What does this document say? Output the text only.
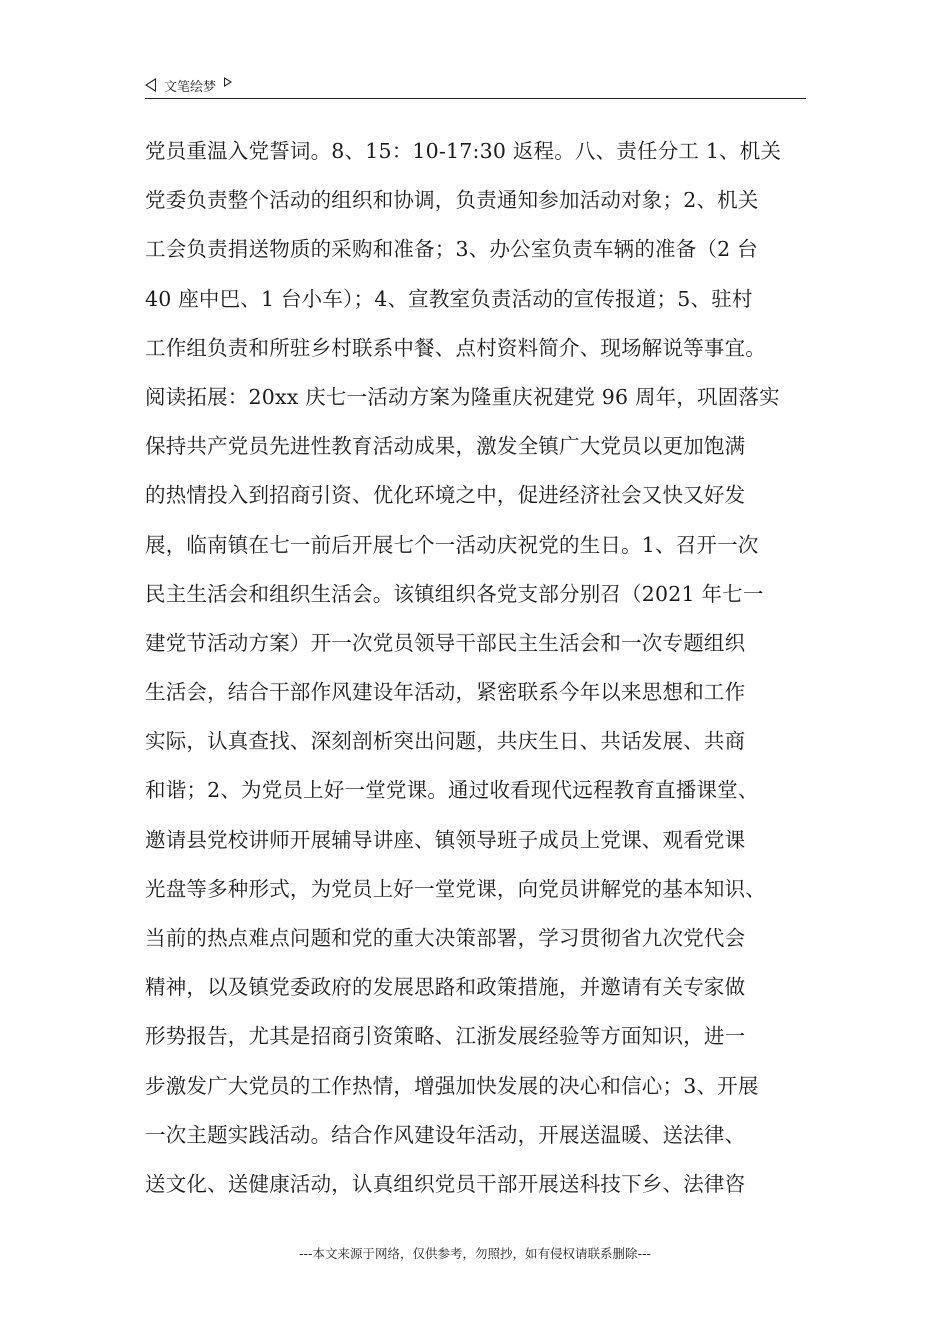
文笔绘梦
党员重温入党誓词。8、15：10-17:30 返程。八、责任分工 1、机关
党委负责整个活动的组织和协调，负责通知参加活动对象；2、机关
工会负责捐送物质的采购和准备；3、办公室负责车辆的准备（2 台
40 座中巴、1 台小车）；4、宣教室负责活动的宣传报道；5、驻村
工作组负责和所驻乡村联系中餐、点村资料简介、现场解说等事宜。
阅读拓展：20xx 庆七一活动方案为隆重庆祝建党 96 周年，巩固落实
保持共产党员先进性教育活动成果，激发全镇广大党员以更加饱满
的热情投入到招商引资、优化环境之中，促进经济社会又快又好发
展，临南镇在七一前后开展七个一活动庆祝党的生日。1、召开一次
民主生活会和组织生活会。该镇组织各党支部分别召（2021 年七一
建党节活动方案）开一次党员领导干部民主生活会和一次专题组织
生活会，结合干部作风建设年活动，紧密联系今年以来思想和工作
实际，认真查找、深刻剖析突出问题，共庆生日、共话发展、共商
和谐；2、为党员上好一堂党课。通过收看现代远程教育直播课堂、
邀请县党校讲师开展辅导讲座、镇领导班子成员上党课、观看党课
光盘等多种形式，为党员上好一堂党课，向党员讲解党的基本知识、
当前的热点难点问题和党的重大决策部署，学习贯彻省九次党代会
精神，以及镇党委政府的发展思路和政策措施，并邀请有关专家做
形势报告，尤其是招商引资策略、江浙发展经验等方面知识，进一
步激发广大党员的工作热情，增强加快发展的决心和信心；3、开展
一次主题实践活动。结合作风建设年活动，开展送温暖、送法律、
送文化、送健康活动，认真组织党员干部开展送科技下乡、法律咨
---本文来源于网络，仅供参考，勿照抄，如有侵权请联系删除---
